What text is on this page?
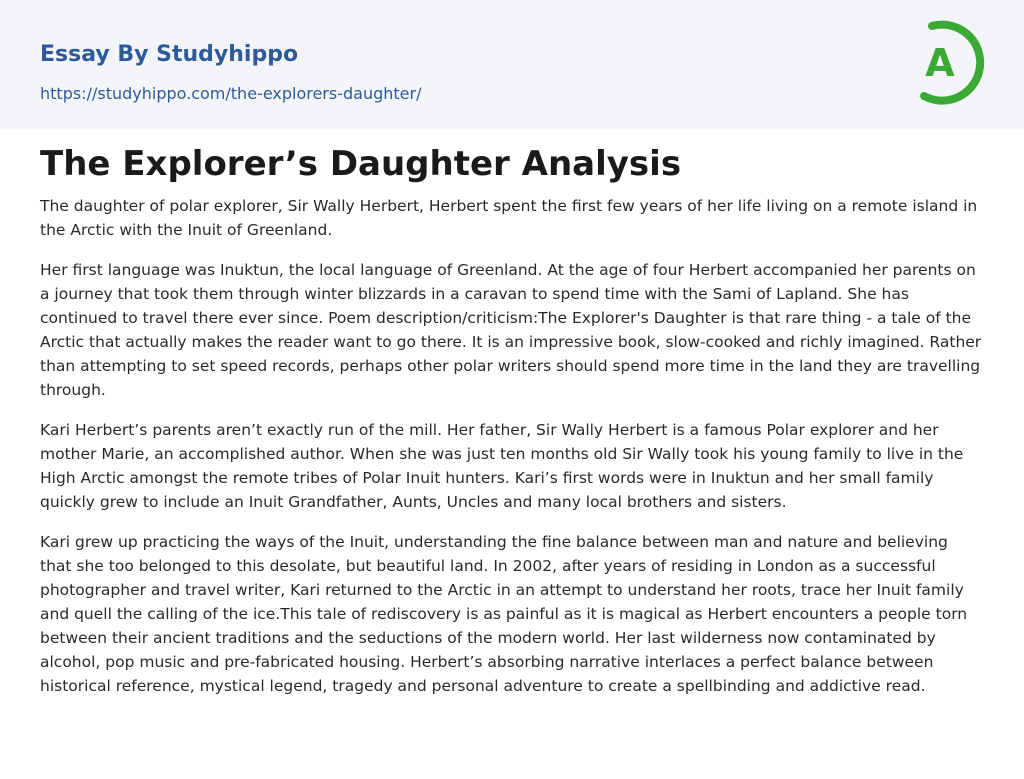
Essay By Studyhippo
https://studyhippo.com/the-explorers-daughter/
A
The Explorer’s Daughter Analysis

The daughter of polar explorer, Sir Wally Herbert, Herbert spent the first few years of her life living on a remote island in the Arctic with the Inuit of Greenland.

Her first language was Inuktun, the local language of Greenland. At the age of four Herbert accompanied her parents on a journey that took them through winter blizzards in a caravan to spend time with the Sami of Lapland. She has continued to travel there ever since. Poem description/criticism:The Explorer's Daughter is that rare thing - a tale of the Arctic that actually makes the reader want to go there. It is an impressive book, slow-cooked and richly imagined. Rather than attempting to set speed records, perhaps other polar writers should spend more time in the land they are travelling through.

Kari Herbert’s parents aren’t exactly run of the mill. Her father, Sir Wally Herbert is a famous Polar explorer and her mother Marie, an accomplished author. When she was just ten months old Sir Wally took his young family to live in the High Arctic amongst the remote tribes of Polar Inuit hunters. Kari’s first words were in Inuktun and her small family quickly grew to include an Inuit Grandfather, Aunts, Uncles and many local brothers and sisters.

Kari grew up practicing the ways of the Inuit, understanding the fine balance between man and nature and believing that she too belonged to this desolate, but beautiful land. In 2002, after years of residing in London as a successful photographer and travel writer, Kari returned to the Arctic in an attempt to understand her roots, trace her Inuit family and quell the calling of the ice.This tale of rediscovery is as painful as it is magical as Herbert encounters a people torn between their ancient traditions and the seductions of the modern world. Her last wilderness now contaminated by alcohol, pop music and pre-fabricated housing. Herbert’s absorbing narrative interlaces a perfect balance between historical reference, mystical legend, tragedy and personal adventure to create a spellbinding and addictive read.
